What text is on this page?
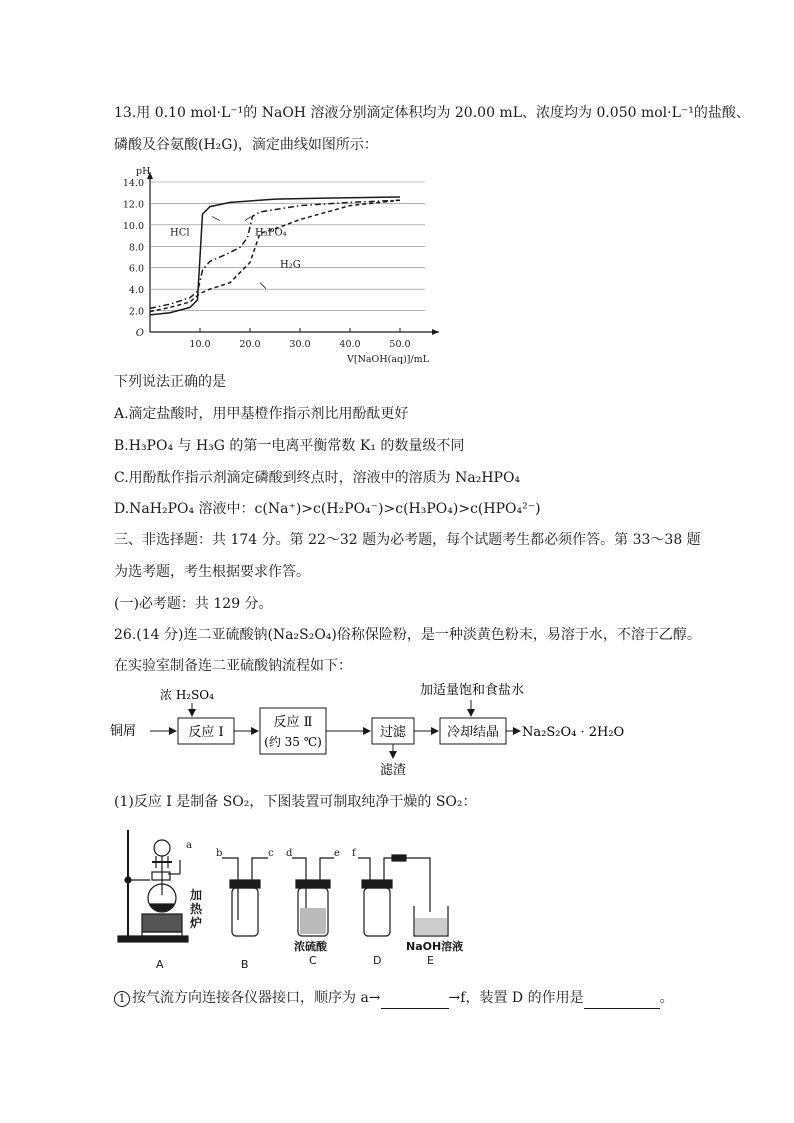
13.用 0.10 mol·L⁻¹的 NaOH 溶液分别滴定体积均为 20.00 mL、浓度均为 0.050 mol·L⁻¹的盐酸、
磷酸及谷氨酸(H₂G)，滴定曲线如图所示：
2.0
4.0
6.0
8.0
10.0
12.0
14.0
10.0	20.0	30.0	40.0	50.0
O
pH
V[NaOH(aq)]/mL
HCl	H₃PO₄
H₂G
下列说法正确的是
A.滴定盐酸时，用甲基橙作指示剂比用酚酞更好
B.H₃PO₄ 与 H₃G 的第一电离平衡常数 K₁ 的数量级不同
C.用酚酞作指示剂滴定磷酸到终点时，溶液中的溶质为 Na₂HPO₄
D.NaH₂PO₄ 溶液中：c(Na⁺)>c(H₂PO₄⁻)>c(H₃PO₄)>c(HPO₄²⁻)
三、非选择题：共 174 分。第 22～32 题为必考题，每个试题考生都必须作答。第 33～38 题
为选考题，考生根据要求作答。
(一)必考题：共 129 分。
26.(14 分)连二亚硫酸钠(Na₂S₂O₄)俗称保险粉，是一种淡黄色粉末，易溶于水，不溶于乙醇。
在实验室制备连二亚硫酸钠流程如下：
铜屑
浓 H₂SO₄
反应 Ⅰ
反应 Ⅱ
(约 35 ℃)
过滤
滤渣
加适量饱和食盐水
冷却结晶 Na₂S₂O₄ · 2H₂O
(1)反应 I 是制备 SO₂，下图装置可制取纯净干燥的 SO₂：
a
b	c d	e f
加热炉
浓硫酸	NaOH溶液
A	B	C	D	E
1 按气流方向连接各仪器接口，顺序为 a→	→f，装置 D 的作用是	。
